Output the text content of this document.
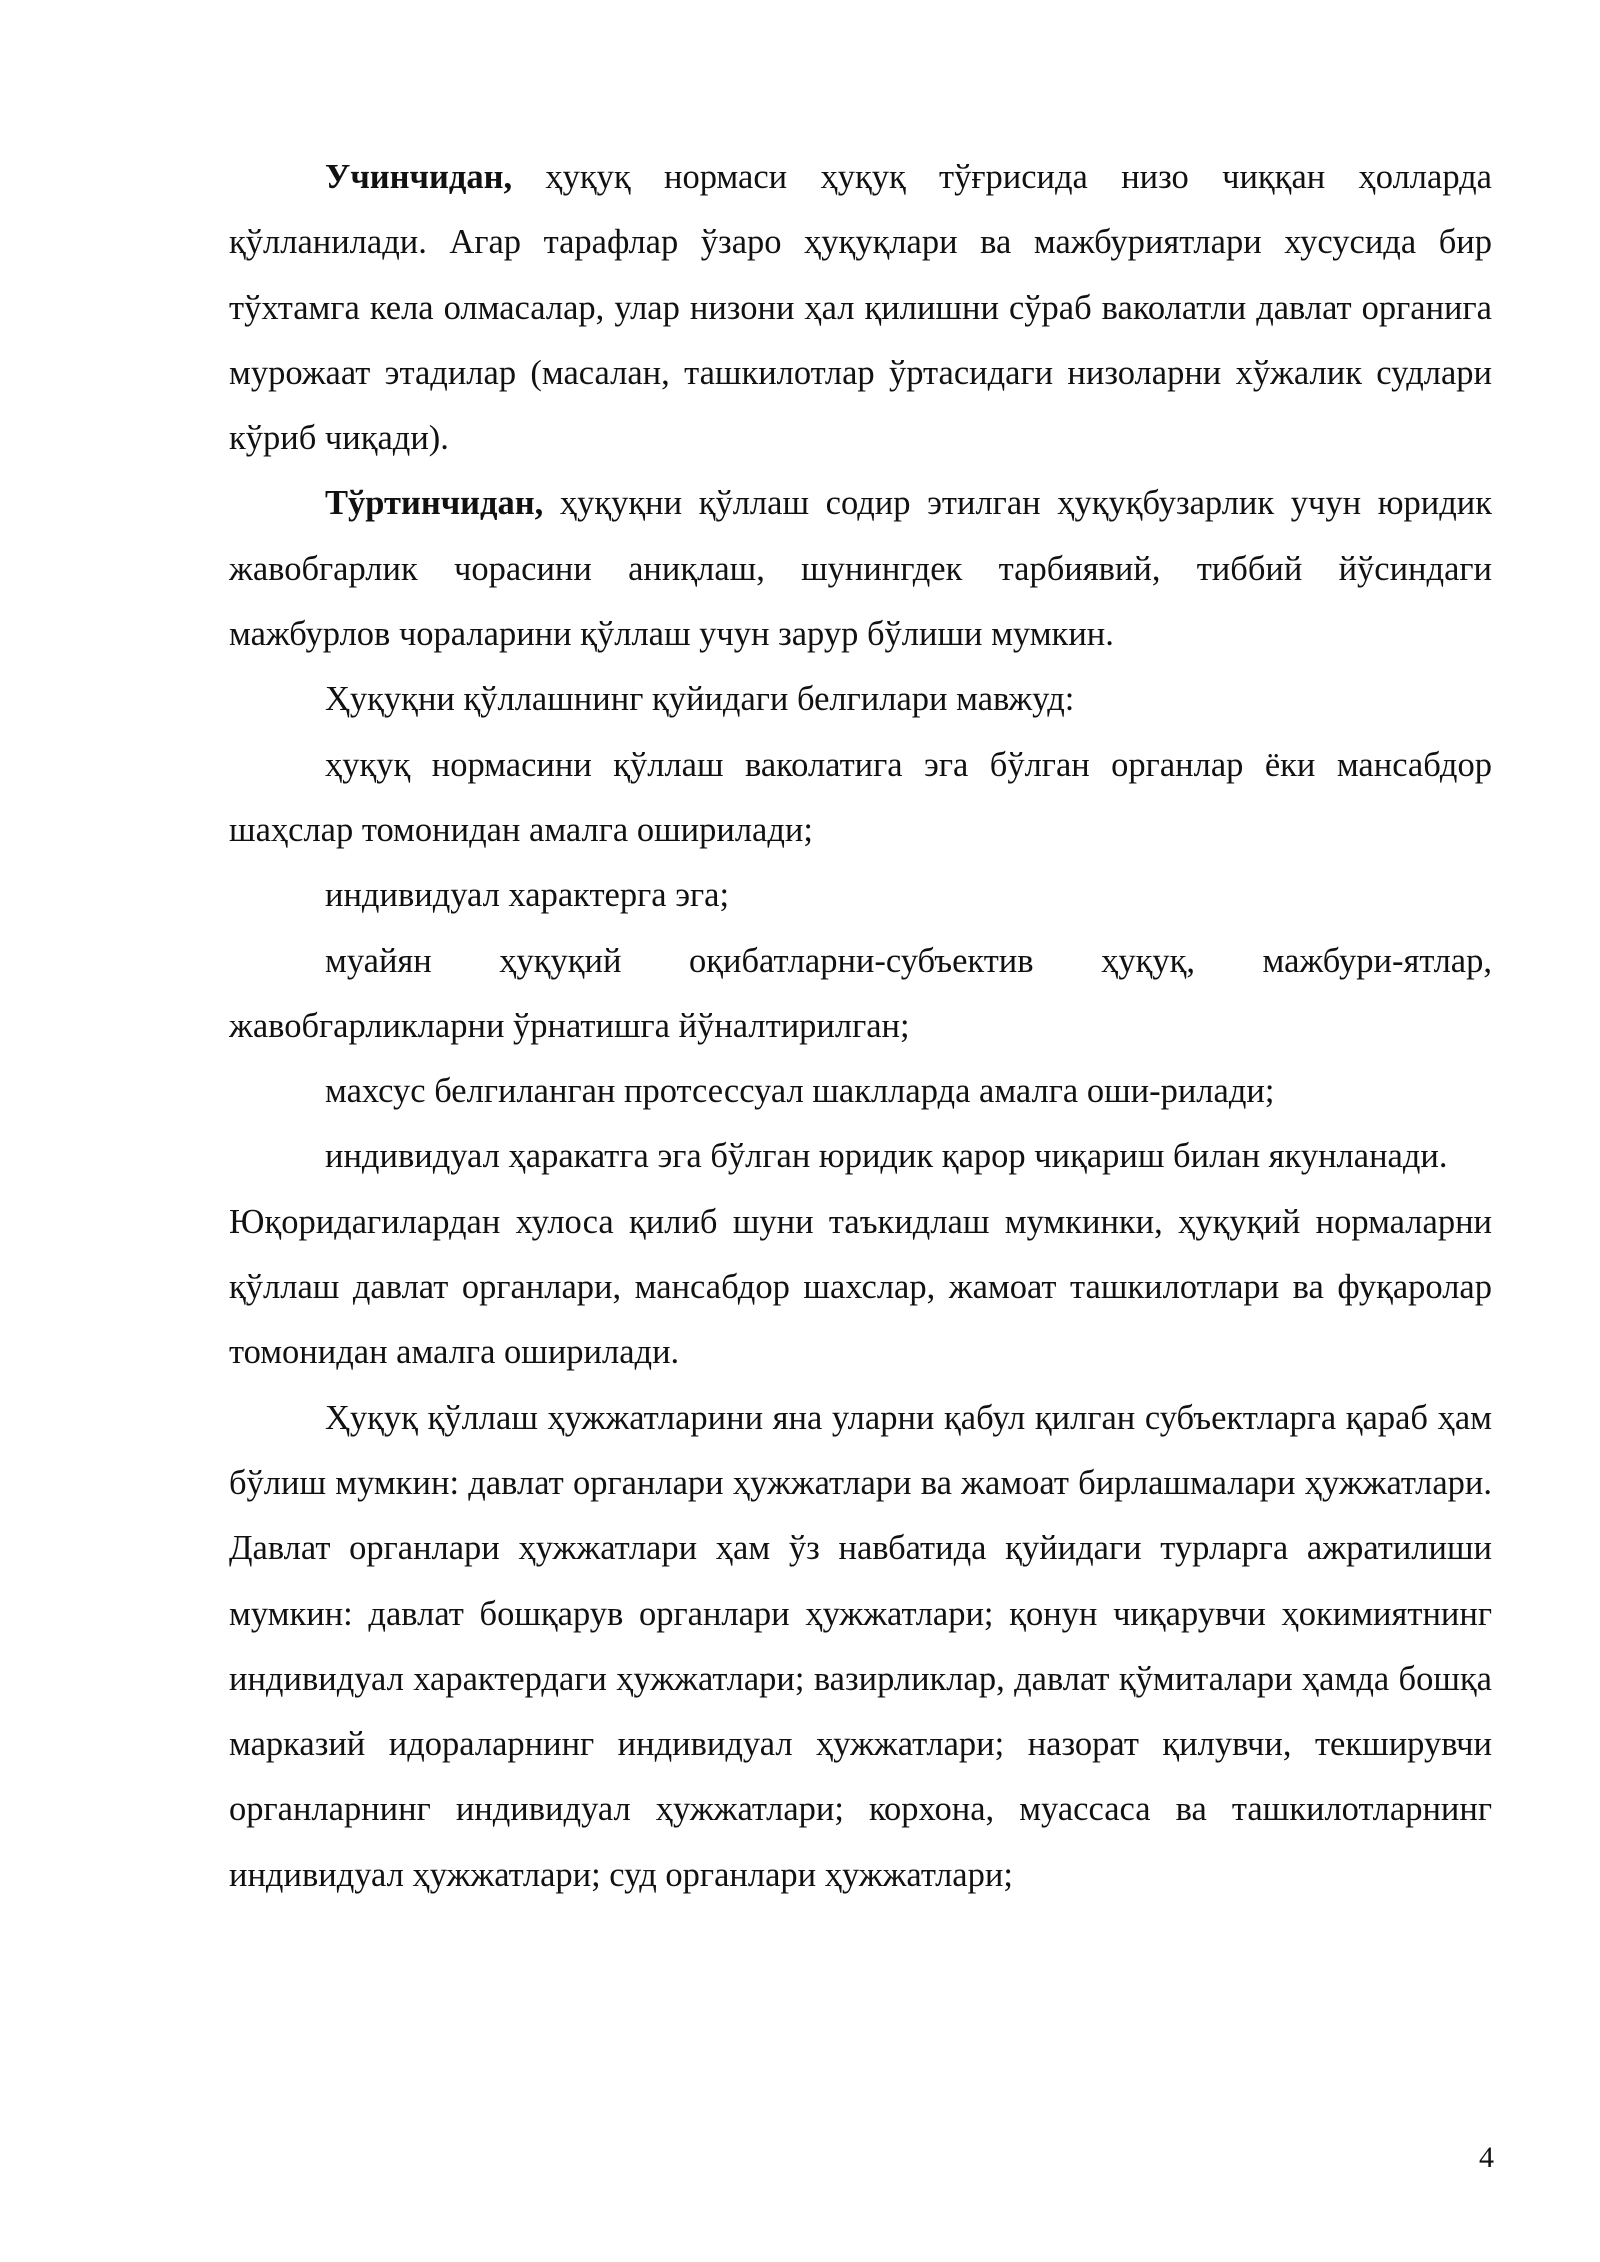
Учинчидан, ҳуқуқ нормаси ҳуқуқ тўғрисида низо чиққан ҳолларда қўлланилади. Агар тарафлар ўзаро ҳуқуқлари ва мажбуриятлари хусусида бир тўхтамга кела олмасалар, улар низони ҳал қилишни сўраб ваколатли давлат органига мурожаат этадилар (масалан, ташкилотлар ўртасидаги низоларни хўжалик судлари кўриб чиқади).

Тўртинчидан, ҳуқуқни қўллаш содир этилган ҳуқуқбузарлик учун юридик жавобгарлик чорасини аниқлаш, шунингдек тарбиявий, тиббий йўсиндаги мажбурлов чораларини қўллаш учун зарур бўлиши мумкин.

Ҳуқуқни қўллашнинг қуйидаги белгилари мавжуд:

ҳуқуқ нормасини қўллаш ваколатига эга бўлган органлар ёки мансабдор шаҳслар томонидан амалга оширилади;

индивидуал характерга эга;

муайян ҳуқуқий оқибатларни-субъектив ҳуқуқ, мажбури-ятлар, жавобгарликларни ўрнатишга йўналтирилган;

махсус белгиланган протсессуал шаклларда амалга оши-рилади;

индивидуал ҳаракатга эга бўлган юридик қарор чиқариш билан якунланади.

Юқоридагилардан хулоса қилиб шуни таъкидлаш мумкинки, ҳуқуқий нормаларни қўллаш давлат органлари, мансабдор шахслар, жамоат ташкилотлари ва фуқаролар томонидан амалга оширилади.

Ҳуқуқ қўллаш ҳужжатларини яна уларни қабул қилган субъектларга қараб ҳам бўлиш мумкин: давлат органлари ҳужжатлари ва жамоат бирлашмалари ҳужжатлари. Давлат органлари ҳужжатлари ҳам ўз навбатида қуйидаги турларга ажратилиши мумкин: давлат бошқарув органлари ҳужжатлари; қонун чиқарувчи ҳокимиятнинг индивидуал характердаги ҳужжатлари; вазирликлар, давлат қўмиталари ҳамда бошқа марказий идораларнинг индивидуал ҳужжатлари; назорат қилувчи, текширувчи органларнинг индивидуал ҳужжатлари; корхона, муассаса ва ташкилотларнинг индивидуал ҳужжатлари; суд органлари ҳужжатлари;

4
